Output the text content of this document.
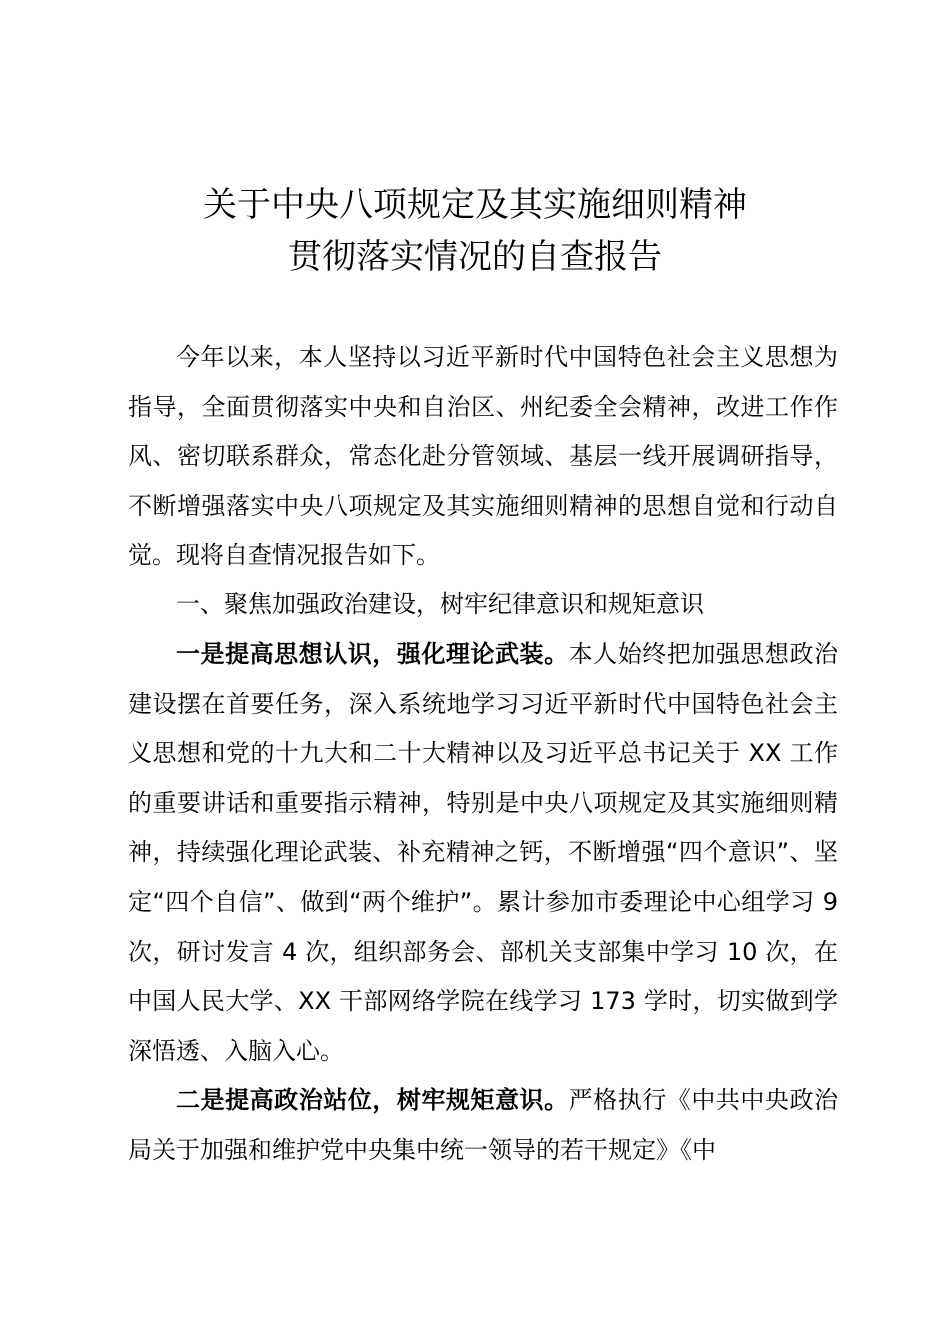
关于中央八项规定及其实施细则精神
贯彻落实情况的自查报告
今年以来，本人坚持以习近平新时代中国特色社会主义思想为指导，全面贯彻落实中央和自治区、州纪委全会精神，改进工作作风、密切联系群众，常态化赴分管领域、基层一线开展调研指导，不断增强落实中央八项规定及其实施细则精神的思想自觉和行动自觉。现将自查情况报告如下。
一、聚焦加强政治建设，树牢纪律意识和规矩意识
一是提高思想认识，强化理论武装。本人始终把加强思想政治建设摆在首要任务，深入系统地学习习近平新时代中国特色社会主义思想和党的十九大和二十大精神以及习近平总书记关于 XX 工作的重要讲话和重要指示精神，特别是中央八项规定及其实施细则精神，持续强化理论武装、补充精神之钙，不断增强“四个意识”、坚定“四个自信”、做到“两个维护”。累计参加市委理论中心组学习 9 次，研讨发言 4 次，组织部务会、部机关支部集中学习 10 次，在中国人民大学、XX 干部网络学院在线学习 173 学时，切实做到学深悟透、入脑入心。
二是提高政治站位，树牢规矩意识。严格执行《中共中央政治局关于加强和维护党中央集中统一领导的若干规定》《中
